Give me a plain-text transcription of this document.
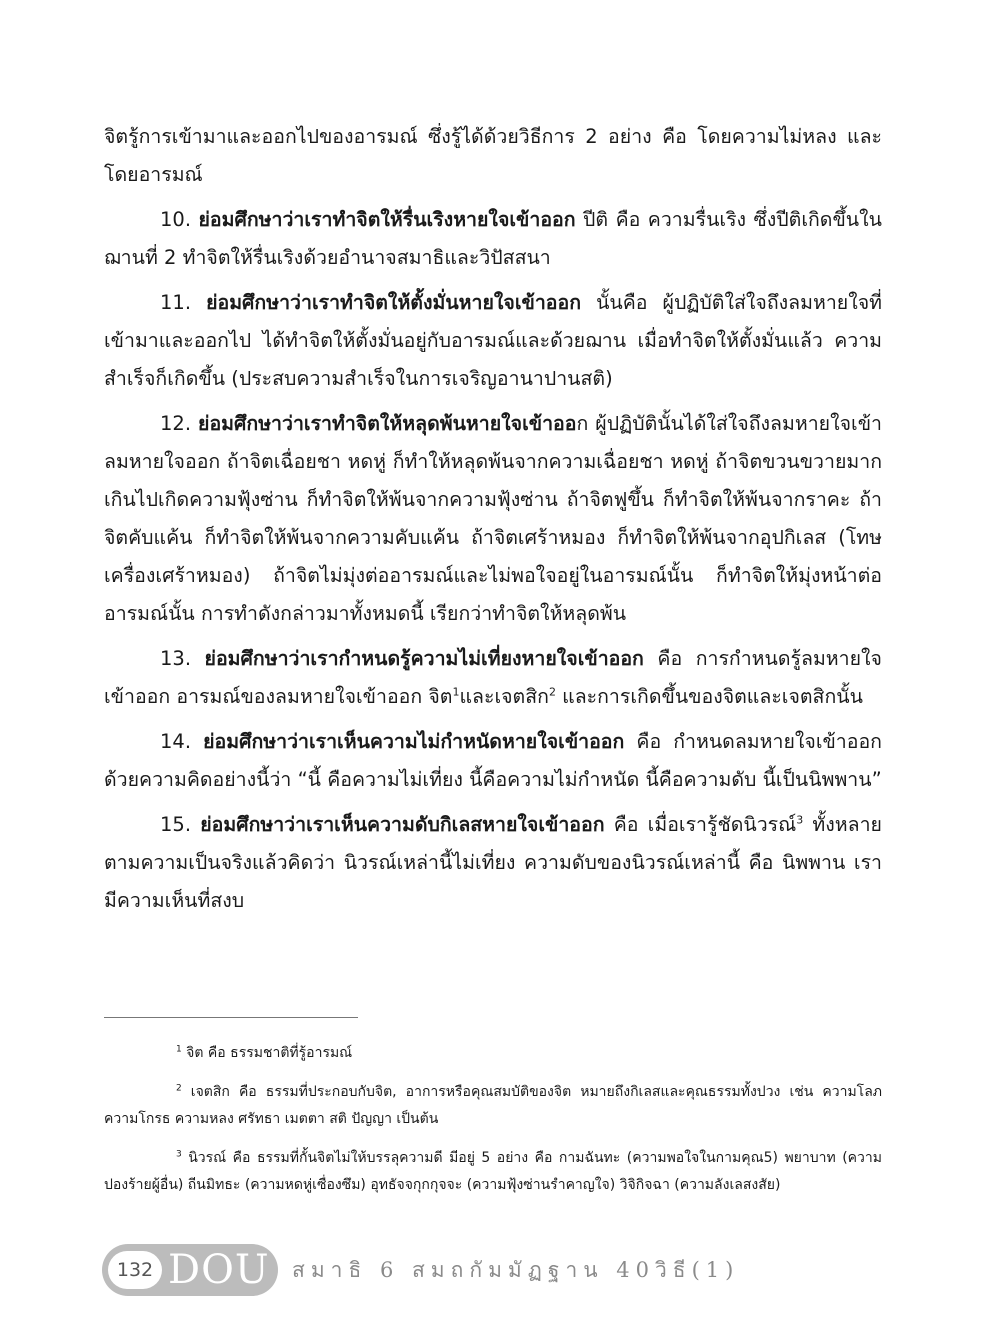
จิตรู้การเข้ามาและออกไปของอารมณ์ ซึ่งรู้ได้ด้วยวิธีการ 2 อย่าง คือ โดยความไม่หลง และโดยอารมณ์

10. ย่อมศึกษาว่าเราทำจิตให้รื่นเริงหายใจเข้าออก ปีติ คือ ความรื่นเริง ซึ่งปีติเกิดขึ้นในฌานที่ 2 ทำจิตให้รื่นเริงด้วยอำนาจสมาธิและวิปัสสนา

11. ย่อมศึกษาว่าเราทำจิตให้ตั้งมั่นหายใจเข้าออก นั้นคือ ผู้ปฏิบัติใส่ใจถึงลมหายใจที่เข้ามาและออกไป ได้ทำจิตให้ตั้งมั่นอยู่กับอารมณ์และด้วยฌาน เมื่อทำจิตให้ตั้งมั่นแล้ว ความสำเร็จก็เกิดขึ้น (ประสบความสำเร็จในการเจริญอานาปานสติ)

12. ย่อมศึกษาว่าเราทำจิตให้หลุดพ้นหายใจเข้าออก ผู้ปฏิบัตินั้นได้ใส่ใจถึงลมหายใจเข้าลมหายใจออก ถ้าจิตเฉื่อยชา หดหู่ ก็ทำให้หลุดพ้นจากความเฉื่อยชา หดหู่ ถ้าจิตขวนขวายมากเกินไปเกิดความฟุ้งซ่าน ก็ทำจิตให้พ้นจากความฟุ้งซ่าน ถ้าจิตฟูขึ้น ก็ทำจิตให้พ้นจากราคะ ถ้าจิตคับแค้น ก็ทำจิตให้พ้นจากความคับแค้น ถ้าจิตเศร้าหมอง ก็ทำจิตให้พ้นจากอุปกิเลส (โทษเครื่องเศร้าหมอง) ถ้าจิตไม่มุ่งต่ออารมณ์และไม่พอใจอยู่ในอารมณ์นั้น ก็ทำจิตให้มุ่งหน้าต่ออารมณ์นั้น การทำดังกล่าวมาทั้งหมดนี้ เรียกว่าทำจิตให้หลุดพ้น

13. ย่อมศึกษาว่าเรากำหนดรู้ความไม่เที่ยงหายใจเข้าออก คือ การกำหนดรู้ลมหายใจเข้าออก อารมณ์ของลมหายใจเข้าออก จิต$^1$และเจตสิก$^2$ และการเกิดขึ้นของจิตและเจตสิกนั้น

14. ย่อมศึกษาว่าเราเห็นความไม่กำหนัดหายใจเข้าออก คือ กำหนดลมหายใจเข้าออกด้วยความคิดอย่างนี้ว่า “นี้ คือความไม่เที่ยง นี้คือความไม่กำหนัด นี้คือความดับ นี้เป็นนิพพาน”

15. ย่อมศึกษาว่าเราเห็นความดับกิเลสหายใจเข้าออก คือ เมื่อเรารู้ชัดนิวรณ์$^3$ ทั้งหลายตามความเป็นจริงแล้วคิดว่า นิวรณ์เหล่านี้ไม่เที่ยง ความดับของนิวรณ์เหล่านี้ คือ นิพพาน เรามีความเห็นที่สงบ

$^1$ จิต คือ ธรรมชาติที่รู้อารมณ์

$^2$ เจตสิก คือ ธรรมที่ประกอบกับจิต, อาการหรือคุณสมบัติของจิต หมายถึงกิเลสและคุณธรรมทั้งปวง เช่น ความโลภ ความโกรธ ความหลง ศรัทธา เมตตา สติ ปัญญา เป็นต้น

$^3$ นิวรณ์ คือ ธรรมที่กั้นจิตไม่ให้บรรลุความดี มีอยู่ 5 อย่าง คือ กามฉันทะ (ความพอใจในกามคุณ5) พยาบาท (ความปองร้ายผู้อื่น) ถีนมิทธะ (ความหดหู่เซื่องซึม) อุทธัจจกุกกุจจะ (ความฟุ้งซ่านรำคาญใจ) วิจิกิจฉา (ความลังเลสงสัย)

132 DOU สมาธิ 6 สมถกัมมัฏฐาน 40วิธี(1)
